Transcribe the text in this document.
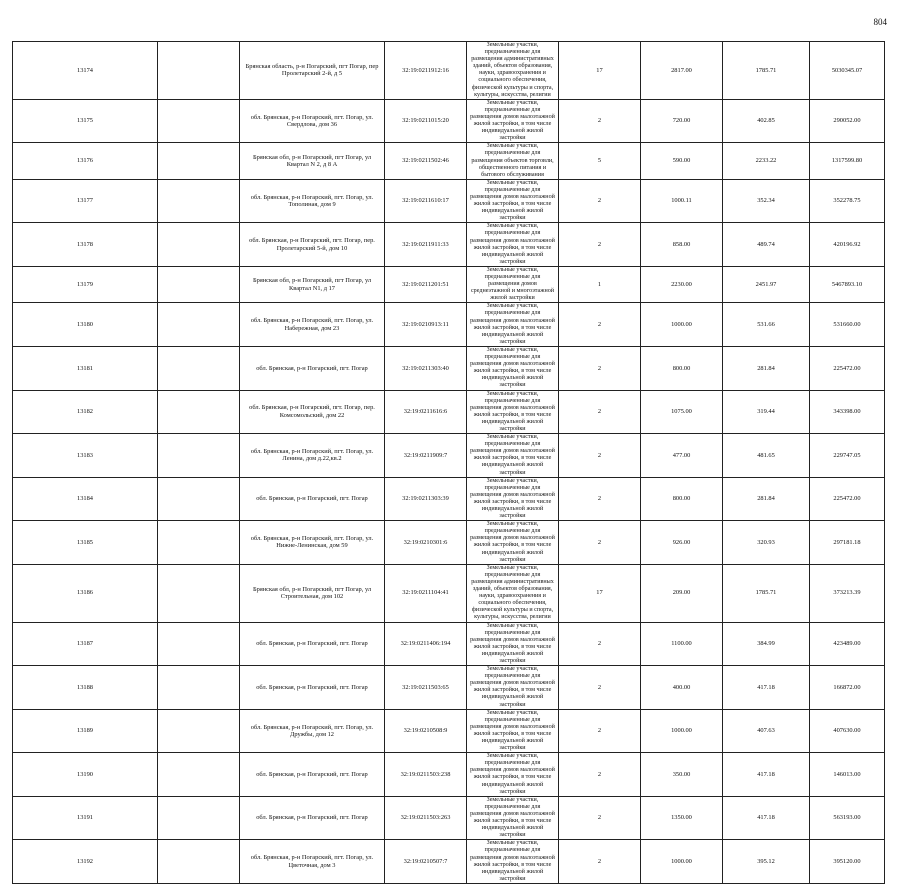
804
13174		Брянская область, р-н Погарский, пгт Погар, пер Пролетарский 2-й, д 5	32:19:0211912:16	Земельные участки, предназначенные для размещения административных зданий, объектов образования, науки, здравоохранения и социального обеспечения, физической культуры и спорта, культуры, искусства, религии	17	2817.00	1785.71	5030345.07
13175		обл. Брянская, р-н Погарский, пгт. Погар, ул. Свердлова, дом 36	32:19:0211015:20	Земельные участки, предназначенные для размещения домов малоэтажной жилой застройки, в том числе индивидуальной жилой застройки	2	720.00	402.85	290052.00
13176		Брянская обл, р-н Погарский, пгт Погар, ул Квартал N 2, д 8 А	32:19:0211502:46	Земельные участки, предназначенные для размещения объектов торговли, общественного питания и бытового обслуживания	5	590.00	2233.22	1317599.80
13177		обл. Брянская, р-н Погарский, пгт. Погар, ул. Тополиная, дом 9	32:19:0211610:17	Земельные участки, предназначенные для размещения домов малоэтажной жилой застройки, в том числе индивидуальной жилой застройки	2	1000.11	352.34	352278.75
13178		обл. Брянская, р-н Погарский, пгт. Погар, пер. Пролетарский 5-й, дом 10	32:19:0211911:33	Земельные участки, предназначенные для размещения домов малоэтажной жилой застройки, в том числе индивидуальной жилой застройки	2	858.00	489.74	420196.92
13179		Брянская обл, р-н Погарский, пгт Погар, ул Квартал N1, д 17	32:19:0211201:51	Земельные участки, предназначенные для размещения домов среднеэтажной и многоэтажной жилой застройки	1	2230.00	2451.97	5467893.10
13180		обл. Брянская, р-н Погарский, пгт. Погар, ул. Набережная, дом 23	32:19:0210913:11	Земельные участки, предназначенные для размещения домов малоэтажной жилой застройки, в том числе индивидуальной жилой застройки	2	1000.00	531.66	531660.00
13181		обл. Брянская, р-н Погарский, пгт. Погар	32:19:0211303:40	Земельные участки, предназначенные для размещения домов малоэтажной жилой застройки, в том числе индивидуальной жилой застройки	2	800.00	281.84	225472.00
13182		обл. Брянская, р-н Погарский, пгт. Погар, пер. Комсомольский, дом 22	32:19:0211616:6	Земельные участки, предназначенные для размещения домов малоэтажной жилой застройки, в том числе индивидуальной жилой застройки	2	1075.00	319.44	343398.00
13183		обл. Брянская, р-н Погарский, пгт. Погар, ул. Ленина, дом д.22,кв.2	32:19:0211909:7	Земельные участки, предназначенные для размещения домов малоэтажной жилой застройки, в том числе индивидуальной жилой застройки	2	477.00	481.65	229747.05
13184		обл. Брянская, р-н Погарский, пгт. Погар	32:19:0211303:39	Земельные участки, предназначенные для размещения домов малоэтажной жилой застройки, в том числе индивидуальной жилой застройки	2	800.00	281.84	225472.00
13185		обл. Брянская, р-н Погарский, пгт. Погар, ул. Нижне-Ленинская, дом 59	32:19:0210301:6	Земельные участки, предназначенные для размещения домов малоэтажной жилой застройки, в том числе индивидуальной жилой застройки	2	926.00	320.93	297181.18
13186		Брянская обл, р-н Погарский, пгт Погар, ул Строительная, дом 102	32:19:0211104:41	Земельные участки, предназначенные для размещения административных зданий, объектов образования, науки, здравоохранения и социального обеспечения, физической культуры и спорта, культуры, искусства, религии	17	209.00	1785.71	373213.39
13187		обл. Брянская, р-н Погарский, пгт. Погар	32:19:0211406:194	Земельные участки, предназначенные для размещения домов малоэтажной жилой застройки, в том числе индивидуальной жилой застройки	2	1100.00	384.99	423489.00
13188		обл. Брянская, р-н Погарский, пгт. Погар	32:19:0211503:65	Земельные участки, предназначенные для размещения домов малоэтажной жилой застройки, в том числе индивидуальной жилой застройки	2	400.00	417.18	166872.00
13189		обл. Брянская, р-н Погарский, пгт. Погар, ул. Дружбы, дом 12	32:19:0210508:9	Земельные участки, предназначенные для размещения домов малоэтажной жилой застройки, в том числе индивидуальной жилой застройки	2	1000.00	407.63	407630.00
13190		обл. Брянская, р-н Погарский, пгт. Погар	32:19:0211503:238	Земельные участки, предназначенные для размещения домов малоэтажной жилой застройки, в том числе индивидуальной жилой застройки	2	350.00	417.18	146013.00
13191		обл. Брянская, р-н Погарский, пгт. Погар	32:19:0211503:263	Земельные участки, предназначенные для размещения домов малоэтажной жилой застройки, в том числе индивидуальной жилой застройки	2	1350.00	417.18	563193.00
13192		обл. Брянская, р-н Погарский, пгт. Погар, ул. Цветочная, дом 3	32:19:0210507:7	Земельные участки, предназначенные для размещения домов малоэтажной жилой застройки, в том числе индивидуальной жилой застройки	2	1000.00	395.12	395120.00
